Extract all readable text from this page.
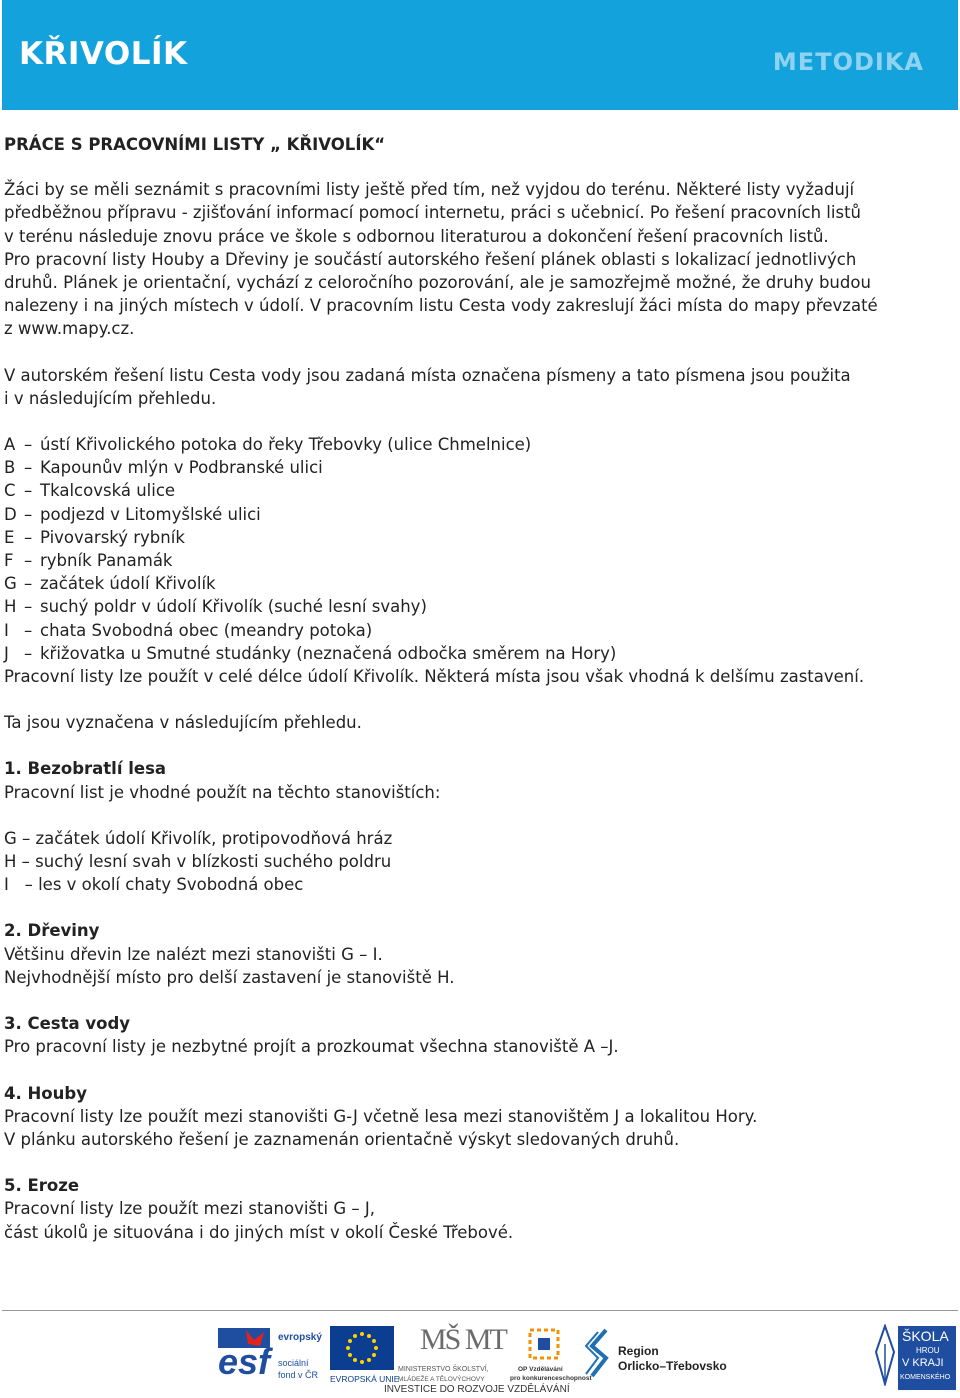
KŘIVOLÍK	METODIKA

PRÁCE S PRACOVNÍMI LISTY „ KŘIVOLÍK“

Žáci by se měli seznámit s pracovními listy ještě před tím, než vyjdou do terénu. Některé listy vyžadují

předběžnou přípravu - zjišťování informací pomocí internetu, práci s učebnicí. Po řešení pracovních listů

v terénu následuje znovu práce ve škole s odbornou literaturou a dokončení řešení pracovních listů.

Pro pracovní listy Houby a Dřeviny je součástí autorského řešení plánek oblasti s lokalizací jednotlivých

druhů. Plánek je orientační, vychází z celoročního pozorování, ale je samozřejmě možné, že druhy budou

nalezeny i na jiných místech v údolí. V pracovním listu Cesta vody zakreslují žáci místa do mapy převzaté

z www.mapy.cz.

V autorském řešení listu Cesta vody jsou zadaná místa označena písmeny a tato písmena jsou použita

i v následujícím přehledu.

A – ústí Křivolického potoka do řeky Třebovky (ulice Chmelnice)
B – Kapounův mlýn v Podbranské ulici
C – Tkalcovská ulice
D – podjezd v Litomyšlské ulici
E – Pivovarský rybník
F – rybník Panamák
G – začátek údolí Křivolík
H – suchý poldr v údolí Křivolík (suché lesní svahy)
I – chata Svobodná obec (meandry potoka)
J – křižovatka u Smutné studánky (neznačená odbočka směrem na Hory)

Pracovní listy lze použít v celé délce údolí Křivolík. Některá místa jsou však vhodná k delšímu zastavení.

Ta jsou vyznačena v následujícím přehledu.

1. Bezobratlí lesa

Pracovní list je vhodné použít na těchto stanovištích:

G – začátek údolí Křivolík, protipovodňová hráz

H – suchý lesní svah v blízkosti suchého poldru

I   – les v okolí chaty Svobodná obec

2. Dřeviny

Většinu dřevin lze nalézt mezi stanovišti G – I.

Nejvhodnější místo pro delší zastavení je stanoviště H.

3. Cesta vody

Pro pracovní listy je nezbytné projít a prozkoumat všechna stanoviště A –J.

4. Houby

Pracovní listy lze použít mezi stanovišti G-J včetně lesa mezi stanovištěm J a lokalitou Hory.

V plánku autorského řešení je zaznamenán orientačně výskyt sledovaných druhů.

5. Eroze

Pracovní listy lze použít mezi stanovišti G – J,

část úkolů je situována i do jiných míst v okolí České Třebové.

esf
evropský
sociální
fond v ČR EVROPSKÁ UNIE
MŠ MT
MINISTERSTVO ŠKOLSTVÍ,
MLÁDEŽE A TĚLOVÝCHOVY
OP Vzdělávání
pro konkurenceschopnost
Region
Orlicko–Třebovsko
ŠKOLA
HROU
V KRAJI
KOMENSKÉHO
INVESTICE DO ROZVOJE VZDĚLÁVÁNÍ
